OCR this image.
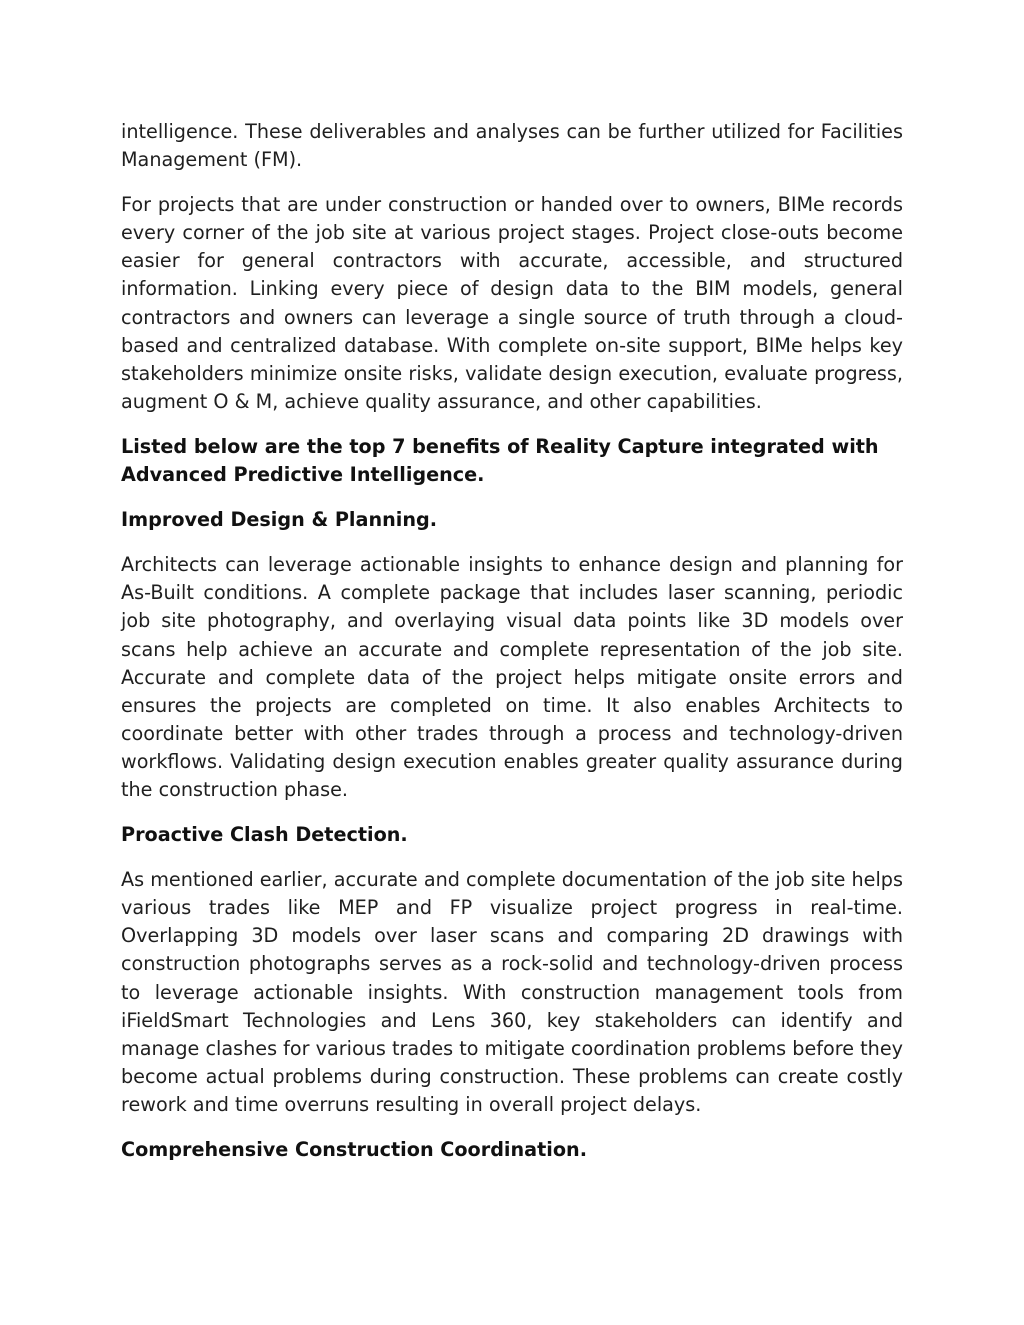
intelligence. These deliverables and analyses can be further utilized for Facilities Management (FM).

For projects that are under construction or handed over to owners, BIMe records every corner of the job site at various project stages. Project close-outs become easier for general contractors with accurate, accessible, and structured information. Linking every piece of design data to the BIM models, general contractors and owners can leverage a single source of truth through a cloud-based and centralized database. With complete on-site support, BIMe helps key stakeholders minimize onsite risks, validate design execution, evaluate progress, augment O & M, achieve quality assurance, and other capabilities.

Listed below are the top 7 benefits of Reality Capture integrated with Advanced Predictive Intelligence.

Improved Design & Planning.

Architects can leverage actionable insights to enhance design and planning for As-Built conditions. A complete package that includes laser scanning, periodic job site photography, and overlaying visual data points like 3D models over scans help achieve an accurate and complete representation of the job site. Accurate and complete data of the project helps mitigate onsite errors and ensures the projects are completed on time. It also enables Architects to coordinate better with other trades through a process and technology-driven workflows. Validating design execution enables greater quality assurance during the construction phase.

Proactive Clash Detection.

As mentioned earlier, accurate and complete documentation of the job site helps various trades like MEP and FP visualize project progress in real-time. Overlapping 3D models over laser scans and comparing 2D drawings with construction photographs serves as a rock-solid and technology-driven process to leverage actionable insights. With construction management tools from iFieldSmart Technologies and Lens 360, key stakeholders can identify and manage clashes for various trades to mitigate coordination problems before they become actual problems during construction. These problems can create costly rework and time overruns resulting in overall project delays.

Comprehensive Construction Coordination.
